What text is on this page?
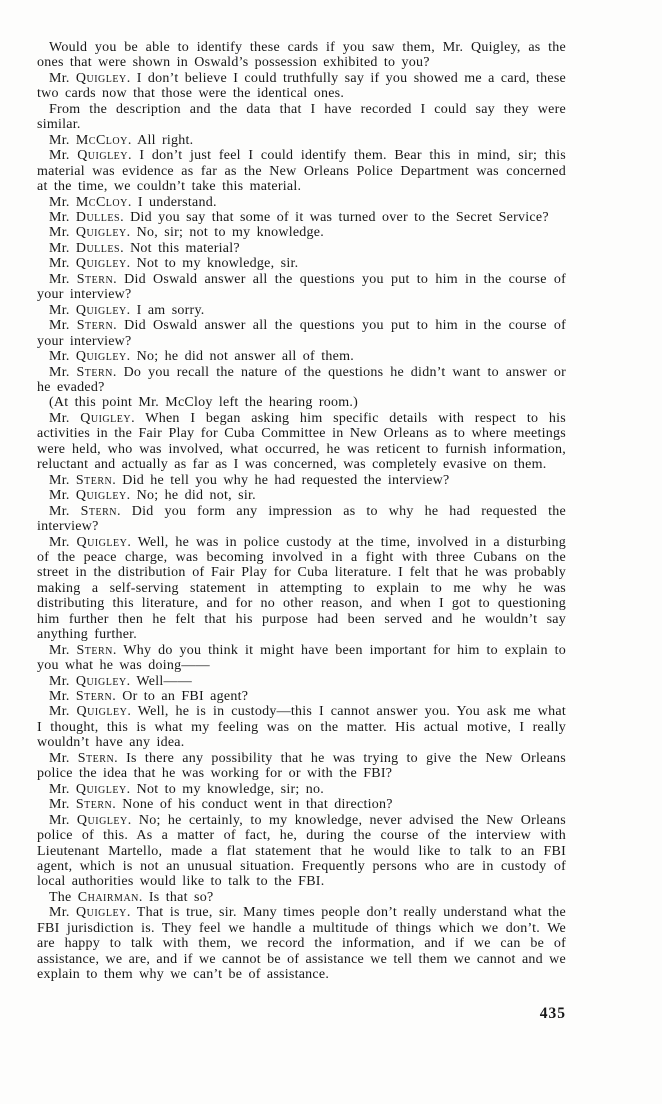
Would you be able to identify these cards if you saw them, Mr. Quigley, as the ones that were shown in Oswald’s possession exhibited to you?

Mr. Quigley. I don’t believe I could truthfully say if you showed me a card, these two cards now that those were the identical ones.

From the description and the data that I have recorded I could say they were similar.

Mr. McCloy. All right.

Mr. Quigley. I don’t just feel I could identify them. Bear this in mind, sir; this material was evidence as far as the New Orleans Police Department was concerned at the time, we couldn’t take this material.

Mr. McCloy. I understand.

Mr. Dulles. Did you say that some of it was turned over to the Secret Service?

Mr. Quigley. No, sir; not to my knowledge.

Mr. Dulles. Not this material?

Mr. Quigley. Not to my knowledge, sir.

Mr. Stern. Did Oswald answer all the questions you put to him in the course of your interview?

Mr. Quigley. I am sorry.

Mr. Stern. Did Oswald answer all the questions you put to him in the course of your interview?

Mr. Quigley. No; he did not answer all of them.

Mr. Stern. Do you recall the nature of the questions he didn’t want to answer or he evaded?

(At this point Mr. McCloy left the hearing room.)

Mr. Quigley. When I began asking him specific details with respect to his activities in the Fair Play for Cuba Committee in New Orleans as to where meetings were held, who was involved, what occurred, he was reticent to furnish information, reluctant and actually as far as I was concerned, was completely evasive on them.

Mr. Stern. Did he tell you why he had requested the interview?

Mr. Quigley. No; he did not, sir.

Mr. Stern. Did you form any impression as to why he had requested the interview?

Mr. Quigley. Well, he was in police custody at the time, involved in a disturbing of the peace charge, was becoming involved in a fight with three Cubans on the street in the distribution of Fair Play for Cuba literature. I felt that he was probably making a self-serving statement in attempting to explain to me why he was distributing this literature, and for no other reason, and when I got to questioning him further then he felt that his purpose had been served and he wouldn’t say anything further.

Mr. Stern. Why do you think it might have been important for him to explain to you what he was doing——

Mr. Quigley. Well——

Mr. Stern. Or to an FBI agent?

Mr. Quigley. Well, he is in custody—this I cannot answer you. You ask me what I thought, this is what my feeling was on the matter. His actual motive, I really wouldn’t have any idea.

Mr. Stern. Is there any possibility that he was trying to give the New Orleans police the idea that he was working for or with the FBI?

Mr. Quigley. Not to my knowledge, sir; no.

Mr. Stern. None of his conduct went in that direction?

Mr. Quigley. No; he certainly, to my knowledge, never advised the New Orleans police of this. As a matter of fact, he, during the course of the interview with Lieutenant Martello, made a flat statement that he would like to talk to an FBI agent, which is not an unusual situation. Frequently persons who are in custody of local authorities would like to talk to the FBI.

The Chairman. Is that so?

Mr. Quigley. That is true, sir. Many times people don’t really understand what the FBI jurisdiction is. They feel we handle a multitude of things which we don’t. We are happy to talk with them, we record the information, and if we can be of assistance, we are, and if we cannot be of assistance we tell them we cannot and we explain to them why we can’t be of assistance.

435
